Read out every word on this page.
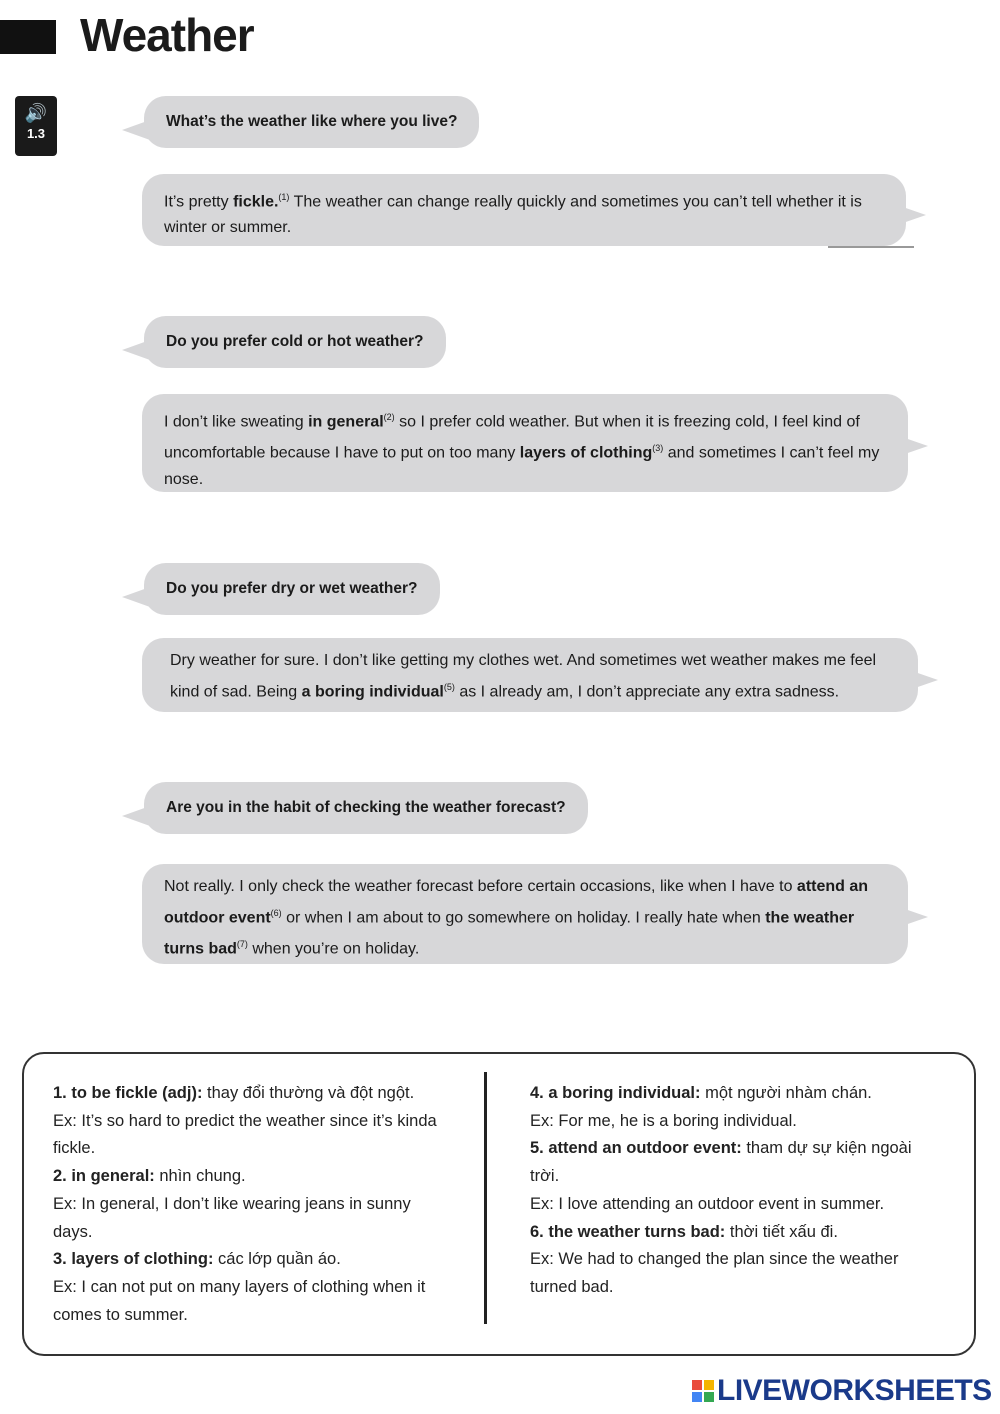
Weather
🔊
1.3
What’s the weather like where you live?
It’s pretty fickle.$^{(1)}$ The weather can change really quickly and sometimes you can’t tell whether it is winter or summer.
Do you prefer cold or hot weather?
I don’t like sweating in general$^{(2)}$ so I prefer cold weather. But when it is freezing cold, I feel kind of uncomfortable because I have to put on too many layers of clothing$^{(3)}$ and sometimes I can’t feel my nose.
Do you prefer dry or wet weather?
Dry weather for sure. I don’t like getting my clothes wet. And sometimes wet weather makes me feel kind of sad. Being a boring individual$^{(5)}$ as I already am, I don’t appreciate any extra sadness.
Are you in the habit of checking the weather forecast?
Not really. I only check the weather forecast before certain occasions, like when I have to attend an outdoor event$^{(6)}$ or when I am about to go somewhere on holiday. I really hate when the weather turns bad$^{(7)}$ when you’re on holiday.

1. to be fickle (adj): thay đổi thường và đột ngột.

Ex: It’s so hard to predict the weather since it’s kinda fickle.

2. in general: nhìn chung.

Ex: In general, I don’t like wearing jeans in sunny days.

3. layers of clothing: các lớp quần áo.

Ex: I can not put on many layers of clothing when it comes to summer.

4. a boring individual: một người nhàm chán.

Ex: For me, he is a boring individual.

5. attend an outdoor event: tham dự sự kiện ngoài trời.

Ex: I love attending an outdoor event in summer.

6. the weather turns bad: thời tiết xấu đi.

Ex: We had to changed the plan since the weather turned bad.

LIVEWORKSHEETS
